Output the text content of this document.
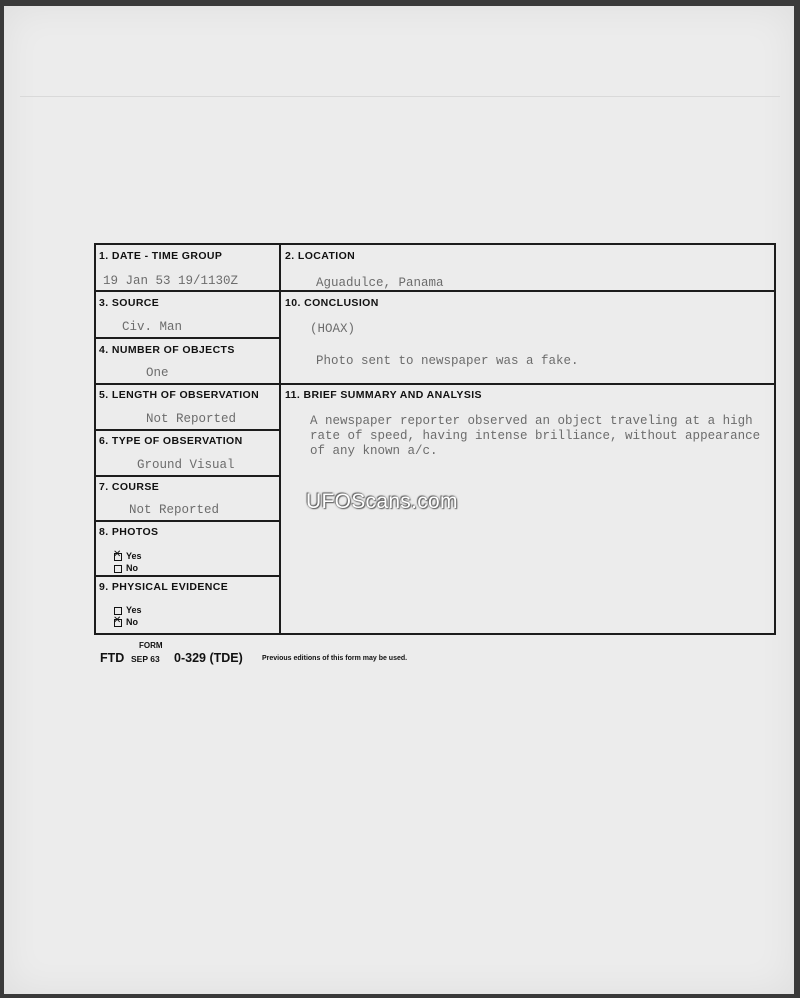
1. DATE - TIME GROUP
19 Jan 53 19/1130Z
3. SOURCE
Civ. Man
4. NUMBER OF OBJECTS
One
5. LENGTH OF OBSERVATION
Not Reported
6. TYPE OF OBSERVATION
Ground Visual
7. COURSE
Not Reported
8. PHOTOS
✕Yes
No
9. PHYSICAL EVIDENCE
Yes
✕No
2. LOCATION
Aguadulce, Panama
10. CONCLUSION
(HOAX)
Photo sent to newspaper was a fake.
11. BRIEF SUMMARY AND ANALYSIS
A newspaper reporter observed an object traveling at a high
rate of speed, having intense brilliance, without appearance
of any known a/c.
UFOScans.com
FORM
FTD SEP 63 0-329 (TDE)	Previous editions of this form may be used.
